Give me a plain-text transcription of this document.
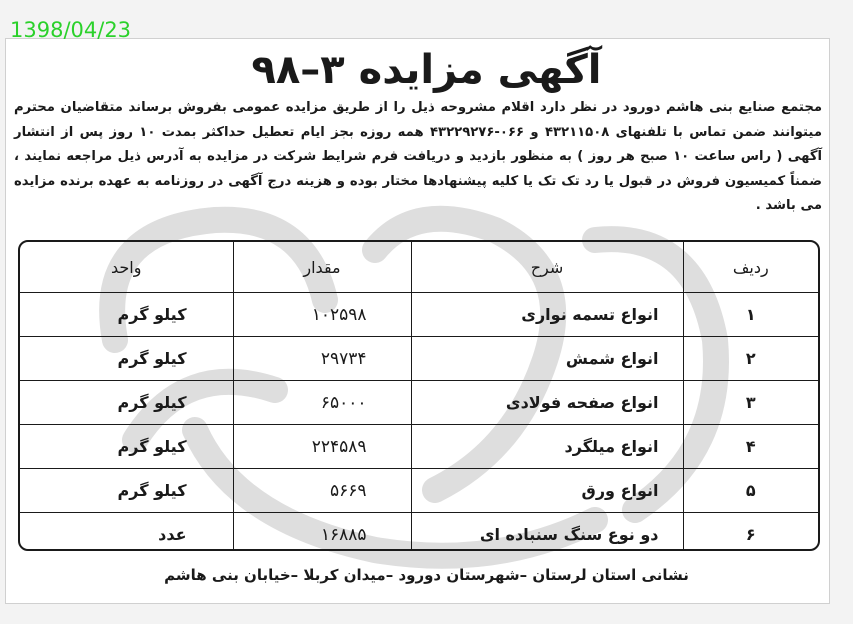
1398/04/23
آگهی مزایده ۳–۹۸
مجتمع صنایع بنی هاشم دورود در نظر دارد اقلام مشروحه ذیل را از طریق مزایده عمومی بفروش برساند متقاضیان محترم میتوانند ضمن تماس با تلفنهای ۴۳۲۱۱۵۰۸ و ۰۶۶-۴۳۲۲۹۲۷۶ همه روزه بجز ایام تعطیل حداکثر بمدت ۱۰ روز پس از انتشار آگهی ( راس ساعت ۱۰ صبح هر روز ) به منظور بازدید و دریافت فرم شرایط شرکت در مزایده به آدرس ذیل مراجعه نمایند ، ضمناً کمیسیون فروش در قبول یا رد تک تک یا کلیه پیشنهادها مختار بوده و هزینه درج آگهی در روزنامه به عهده برنده مزایده می باشد .
ردیف	شرح	مقدار	واحد
۱	انواع تسمه نواری	۱۰۲۵۹۸	کیلو گرم
۲	انواع شمش	۲۹۷۳۴	کیلو گرم
۳	انواع صفحه فولادی	۶۵۰۰۰	کیلو گرم
۴	انواع میلگرد	۲۲۴۵۸۹	کیلو گرم
۵	انواع ورق	۵۶۶۹	کیلو گرم
۶	دو نوع سنگ سنباده ای	۱۶۸۸۵	عدد
نشانی استان لرستان –شهرستان دورود –میدان کربلا –خیابان بنی هاشم
